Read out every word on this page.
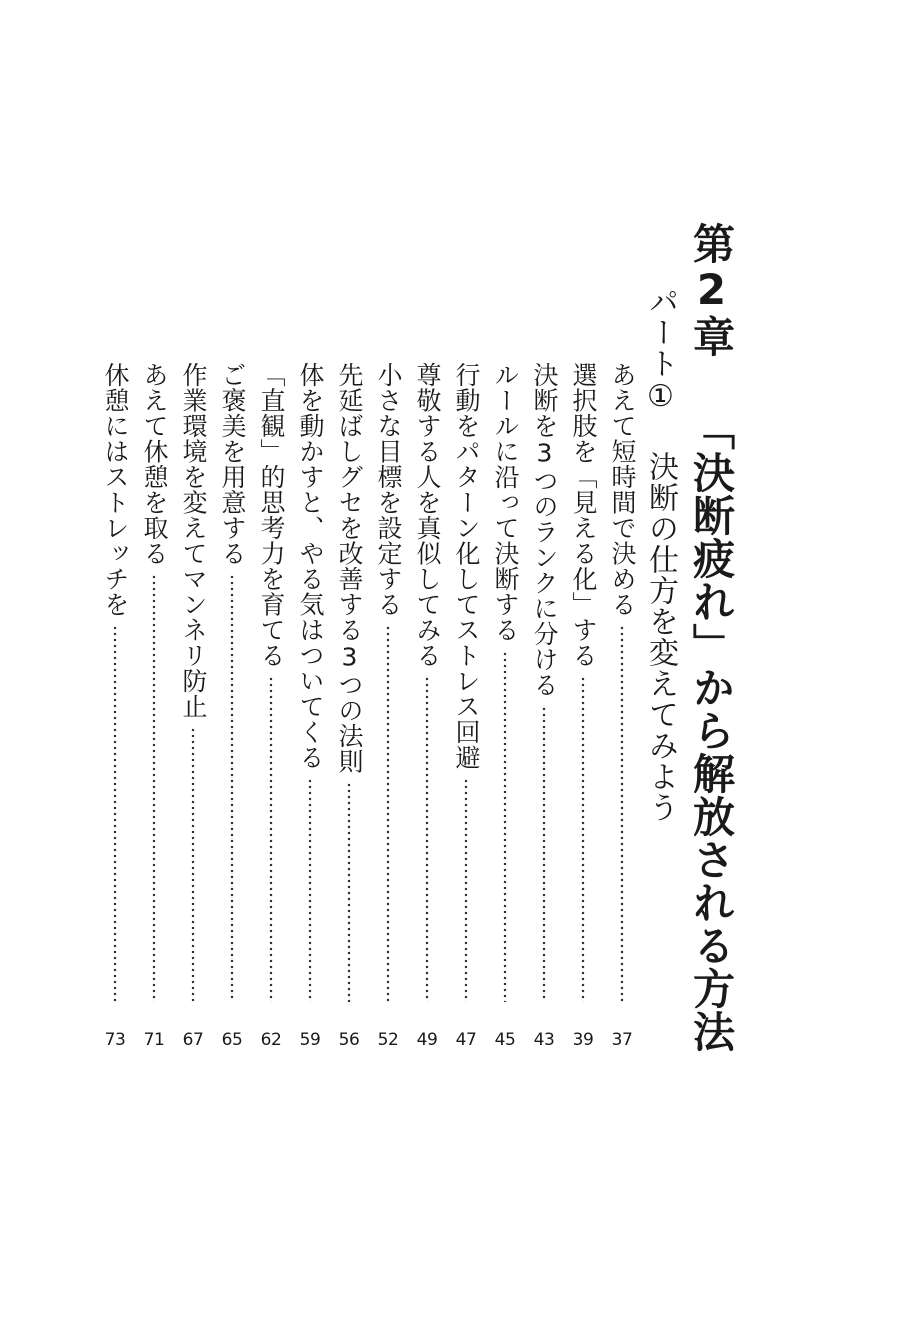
第2章 「決断疲れ」から解放される方法
パート① 決断の仕方を変えてみよう
あえて短時間で決める
37
選択肢を「見える化」する
39
決断を3つのランクに分ける
43
ルールに沿って決断する
45
行動をパターン化してストレス回避
47
尊敬する人を真似してみる
49
小さな目標を設定する
52
先延ばしグセを改善する3つの法則
56
体を動かすと、やる気はついてくる
59
「直観」的思考力を育てる
62
ご褒美を用意する
65
作業環境を変えてマンネリ防止
67
あえて休憩を取る
71
休憩にはストレッチを
73
